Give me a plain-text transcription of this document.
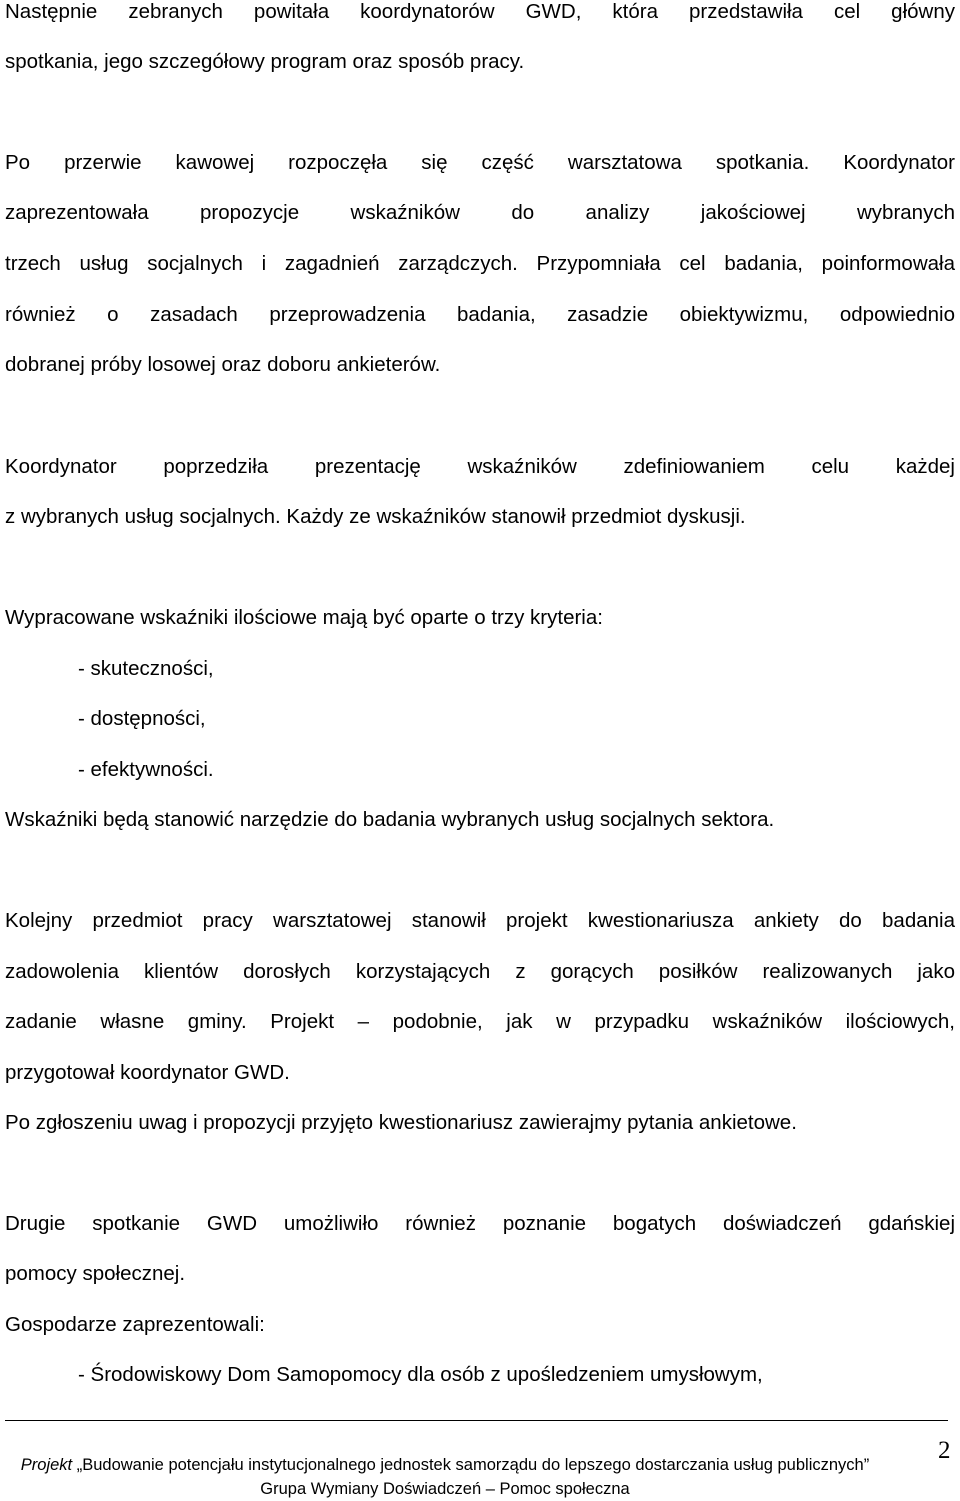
Następnie zebranych powitała koordynatorów GWD, która przedstawiła cel główny
spotkania, jego szczegółowy program oraz sposób pracy.
Po przerwie kawowej rozpoczęła się część warsztatowa spotkania. Koordynator
zaprezentowała propozycje wskaźników do analizy jakościowej wybranych
trzech usług socjalnych i zagadnień zarządczych. Przypomniała cel badania, poinformowała
również o zasadach przeprowadzenia badania, zasadzie obiektywizmu, odpowiednio
dobranej próby losowej oraz doboru ankieterów.
Koordynator poprzedziła prezentację wskaźników zdefiniowaniem celu każdej
z wybranych usług socjalnych. Każdy ze wskaźników stanowił przedmiot dyskusji.
Wypracowane wskaźniki ilościowe mają być oparte o trzy kryteria:
- skuteczności,
- dostępności,
- efektywności.
Wskaźniki będą stanowić narzędzie do badania wybranych usług socjalnych sektora.
Kolejny przedmiot pracy warsztatowej stanowił projekt kwestionariusza ankiety do badania
zadowolenia klientów dorosłych korzystających z gorących posiłków realizowanych jako
zadanie własne gminy. Projekt – podobnie, jak w przypadku wskaźników ilościowych,
przygotował koordynator GWD.
Po zgłoszeniu uwag i propozycji przyjęto kwestionariusz zawierajmy pytania ankietowe.
Drugie spotkanie GWD umożliwiło również poznanie bogatych doświadczeń gdańskiej
pomocy społecznej.
Gospodarze zaprezentowali:
- Środowiskowy Dom Samopomocy dla osób z upośledzeniem umysłowym,
Projekt „Budowanie potencjału instytucjonalnego jednostek samorządu do lepszego dostarczania usług publicznych”
Grupa Wymiany Doświadczeń – Pomoc społeczna
2
